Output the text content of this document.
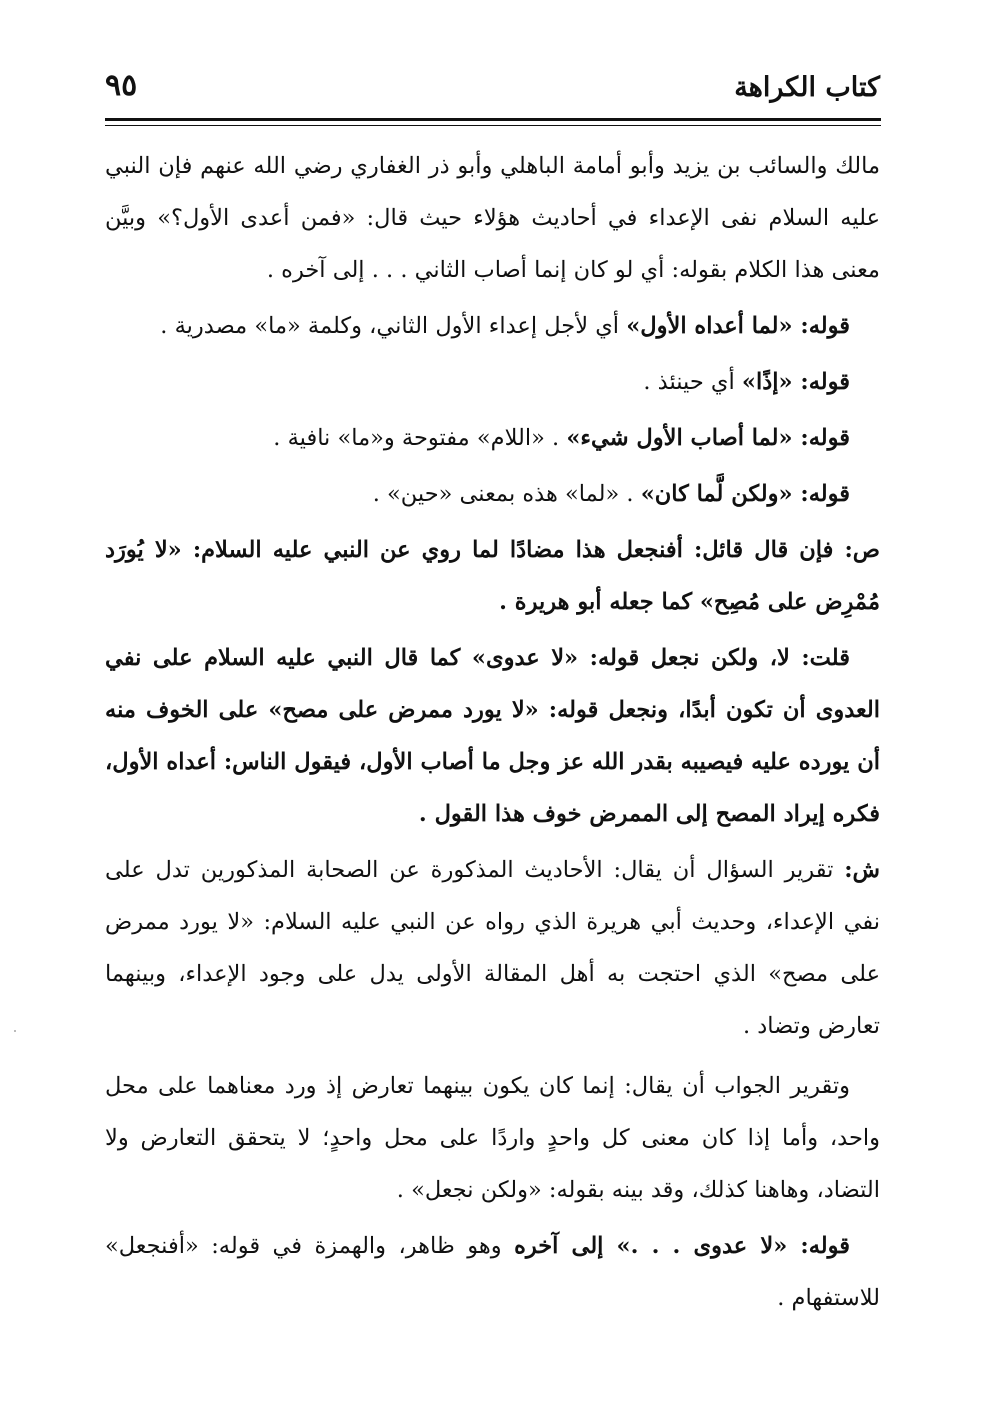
كتاب الكراهة
٩٥

مالك والسائب بن يزيد وأبو أمامة الباهلي وأبو ذر الغفاري رضي الله عنهم فإن النبي عليه السلام نفى الإعداء في أحاديث هؤلاء حيث قال: «فمن أعدى الأول؟» وبيَّن معنى هذا الكلام بقوله: أي لو كان إنما أصاب الثاني . . . إلى آخره .

قوله: «لما أعداه الأول» أي لأجل إعداء الأول الثاني، وكلمة «ما» مصدرية .

قوله: «إذًا» أي حينئذ .

قوله: «لما أصاب الأول شيء» . «اللام» مفتوحة و«ما» نافية .

قوله: «ولكن لَّما كان» . «لما» هذه بمعنى «حين» .

ص: فإن قال قائل: أفنجعل هذا مضادًا لما روي عن النبي عليه السلام: «لا يُورَد مُمْرِض على مُصِح» كما جعله أبو هريرة .

قلت: لا، ولكن نجعل قوله: «لا عدوى» كما قال النبي عليه السلام على نفي العدوى أن تكون أبدًا، ونجعل قوله: «لا يورد ممرض على مصح» على الخوف منه أن يورده عليه فيصيبه بقدر الله عز وجل ما أصاب الأول، فيقول الناس: أعداه الأول، فكره إيراد المصح إلى الممرض خوف هذا القول .

ش: تقرير السؤال أن يقال: الأحاديث المذكورة عن الصحابة المذكورين تدل على نفي الإعداء، وحديث أبي هريرة الذي رواه عن النبي عليه السلام: «لا يورد ممرض على مصح» الذي احتجت به أهل المقالة الأولى يدل على وجود الإعداء، وبينهما تعارض وتضاد .

وتقرير الجواب أن يقال: إنما كان يكون بينهما تعارض إذ ورد معناهما على محل واحد، وأما إذا كان معنى كل واحدٍ واردًا على محل واحدٍ؛ لا يتحقق التعارض ولا التضاد، وهاهنا كذلك، وقد بينه بقوله: «ولكن نجعل» .

قوله: «لا عدوى . . .» إلى آخره وهو ظاهر، والهمزة في قوله: «أفنجعل» للاستفهام .
